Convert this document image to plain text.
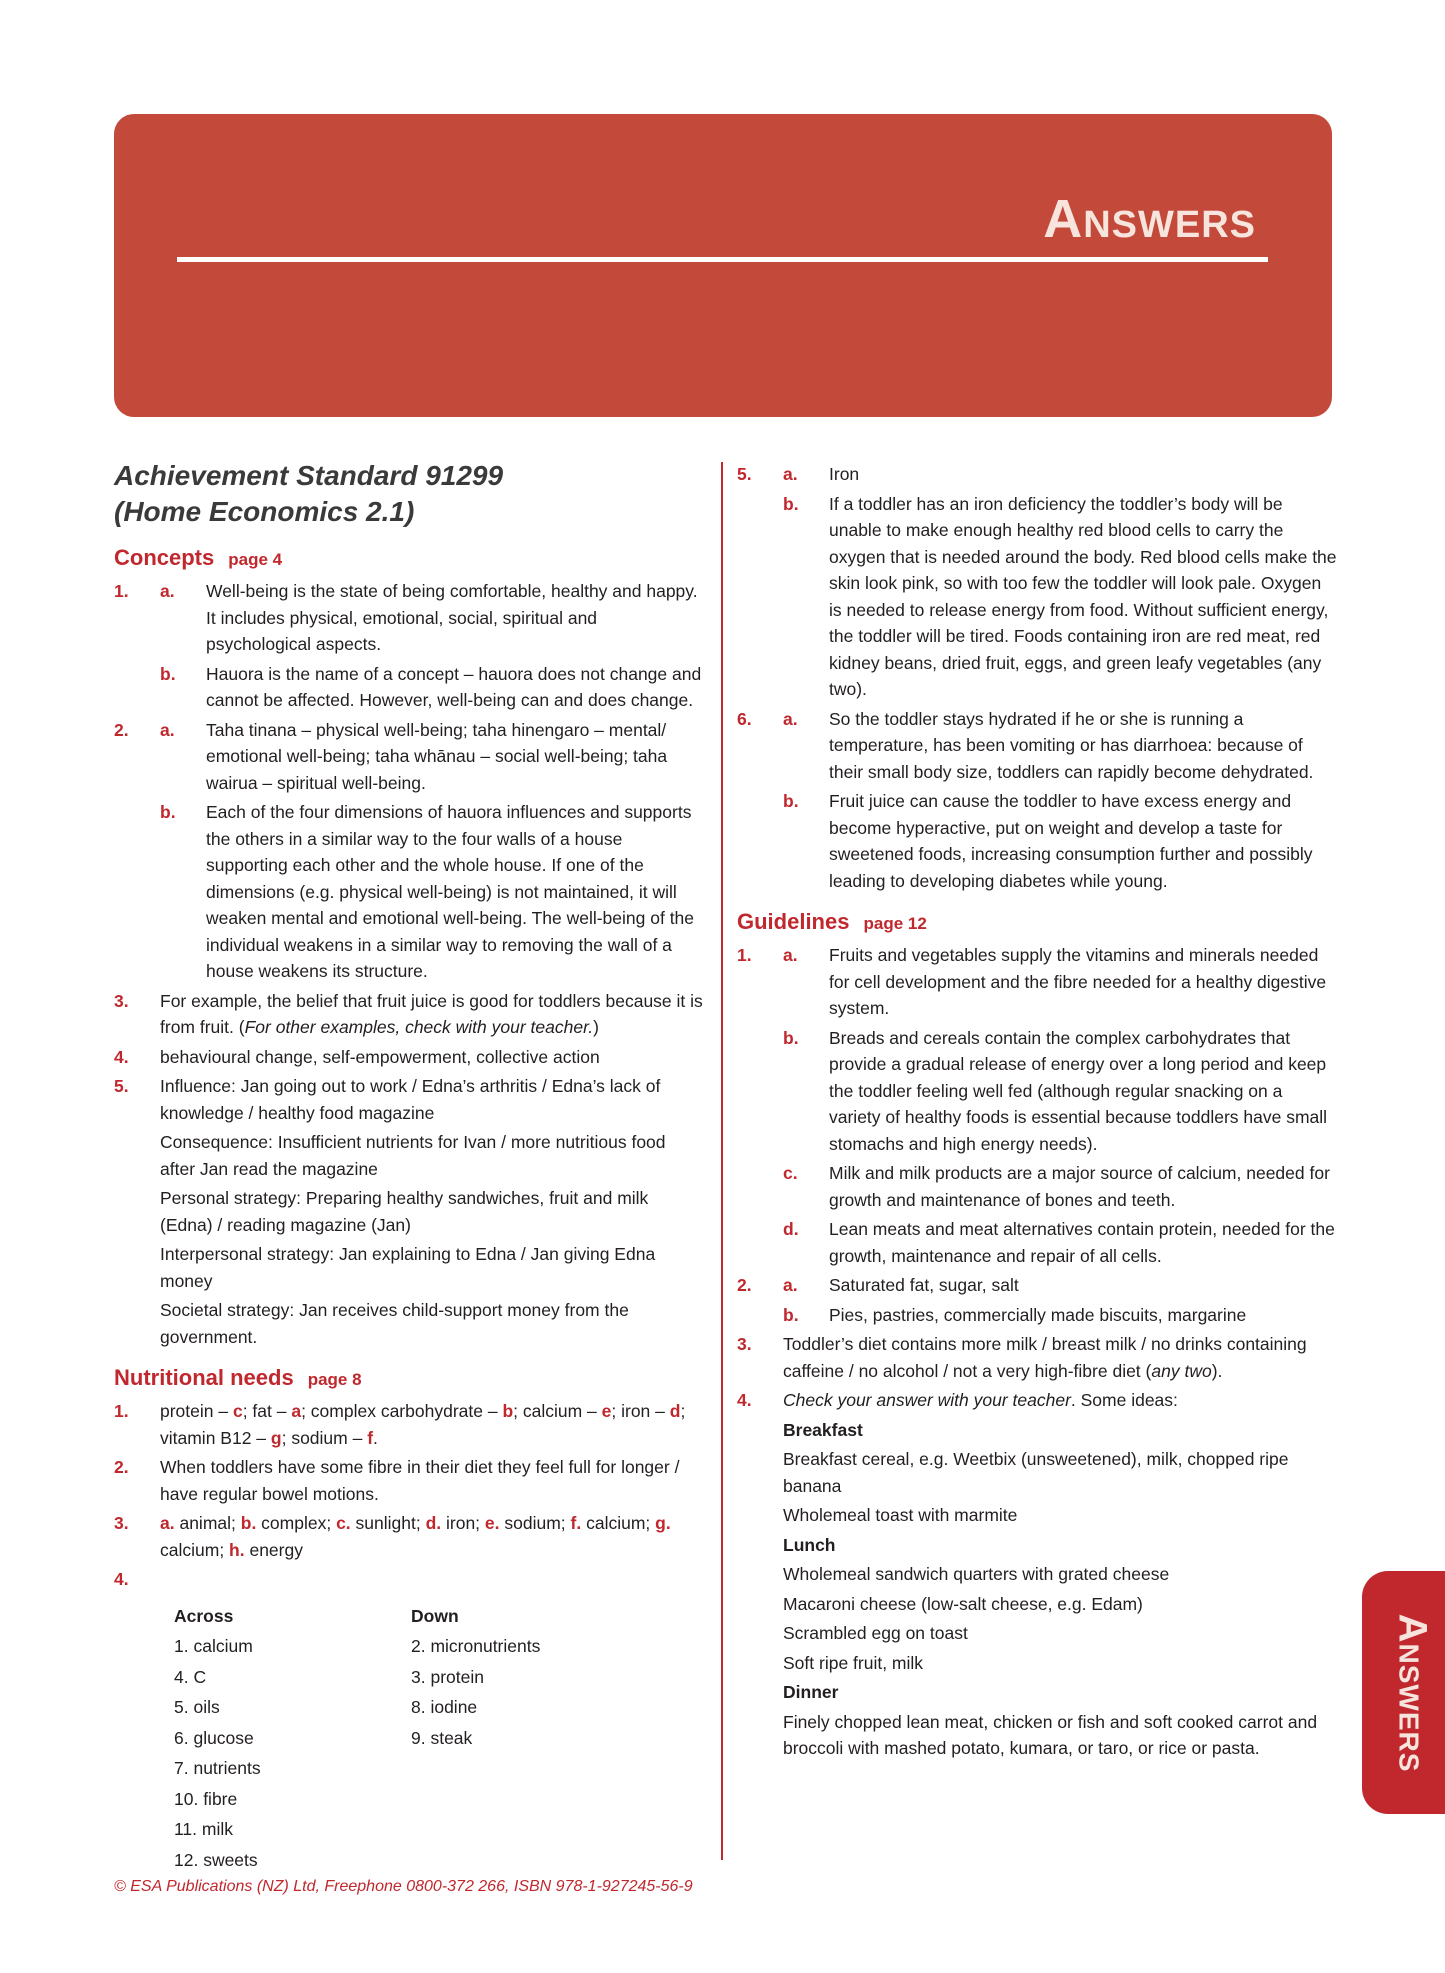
Answers
Answers
Achievement Standard 91299
(Home Economics 2.1)
Concepts page 4
1.	a.	Well-being is the state of being comfortable, healthy and happy. It includes physical, emotional, social, spiritual and psychological aspects.
b.	Hauora is the name of a concept – hauora does not change and cannot be affected. However, well-being can and does change.
2.	a.	Taha tinana – physical well-being; taha hinengaro – mental/ emotional well-being; taha whānau – social well-being; taha wairua – spiritual well-being.
b.	Each of the four dimensions of hauora influences and supports the others in a similar way to the four walls of a house supporting each other and the whole house. If one of the dimensions (e.g. physical well-being) is not maintained, it will weaken mental and emotional well-being. The well-being of the individual weakens in a similar way to removing the wall of a house weakens its structure.
3.	For example, the belief that fruit juice is good for toddlers because it is from fruit. (For other examples, check with your teacher.)
4.	behavioural change, self-empowerment, collective action
5.	Influence: Jan going out to work / Edna’s arthritis / Edna’s lack of knowledge / healthy food magazine
Consequence: Insufficient nutrients for Ivan / more nutritious food after Jan read the magazine
Personal strategy: Preparing healthy sandwiches, fruit and milk (Edna) / reading magazine (Jan)
Interpersonal strategy: Jan explaining to Edna / Jan giving Edna money
Societal strategy: Jan receives child-support money from the government.
Nutritional needs page 8
1.	protein – c; fat – a; complex carbohydrate – b; calcium – e; iron – d; vitamin B12 – g; sodium – f.
2.	When toddlers have some fibre in their diet they feel full for longer / have regular bowel motions.
3.	a. animal; b. complex; c. sunlight; d. iron; e. sodium; f. calcium; g. calcium; h. energy
4.
Across
1. calcium
4. C
5. oils
6. glucose
7. nutrients
10. fibre
11. milk
12. sweets
Down
2. micronutrients
3. protein
8. iodine
9. steak
5.	a.	Iron
b.	If a toddler has an iron deficiency the toddler’s body will be unable to make enough healthy red blood cells to carry the oxygen that is needed around the body. Red blood cells make the skin look pink, so with too few the toddler will look pale. Oxygen is needed to release energy from food. Without sufficient energy, the toddler will be tired. Foods containing iron are red meat, red kidney beans, dried fruit, eggs, and green leafy vegetables (any two).
6.	a.	So the toddler stays hydrated if he or she is running a temperature, has been vomiting or has diarrhoea: because of their small body size, toddlers can rapidly become dehydrated.
b.	Fruit juice can cause the toddler to have excess energy and become hyperactive, put on weight and develop a taste for sweetened foods, increasing consumption further and possibly leading to developing diabetes while young.
Guidelines page 12
1.	a.	Fruits and vegetables supply the vitamins and minerals needed for cell development and the fibre needed for a healthy digestive system.
b.	Breads and cereals contain the complex carbohydrates that provide a gradual release of energy over a long period and keep the toddler feeling well fed (although regular snacking on a variety of healthy foods is essential because toddlers have small stomachs and high energy needs).
c.	Milk and milk products are a major source of calcium, needed for growth and maintenance of bones and teeth.
d.	Lean meats and meat alternatives contain protein, needed for the growth, maintenance and repair of all cells.
2.	a.	Saturated fat, sugar, salt
b.	Pies, pastries, commercially made biscuits, margarine
3.	Toddler’s diet contains more milk / breast milk / no drinks containing caffeine / no alcohol / not a very high-fibre diet (any two).
4.	Check your answer with your teacher. Some ideas:
Breakfast
Breakfast cereal, e.g. Weetbix (unsweetened), milk, chopped ripe banana
Wholemeal toast with marmite
Lunch
Wholemeal sandwich quarters with grated cheese
Macaroni cheese (low-salt cheese, e.g. Edam)
Scrambled egg on toast
Soft ripe fruit, milk
Dinner
Finely chopped lean meat, chicken or fish and soft cooked carrot and broccoli with mashed potato, kumara, or taro, or rice or pasta.
© ESA Publications (NZ) Ltd, Freephone 0800-372 266, ISBN 978-1-927245-56-9
